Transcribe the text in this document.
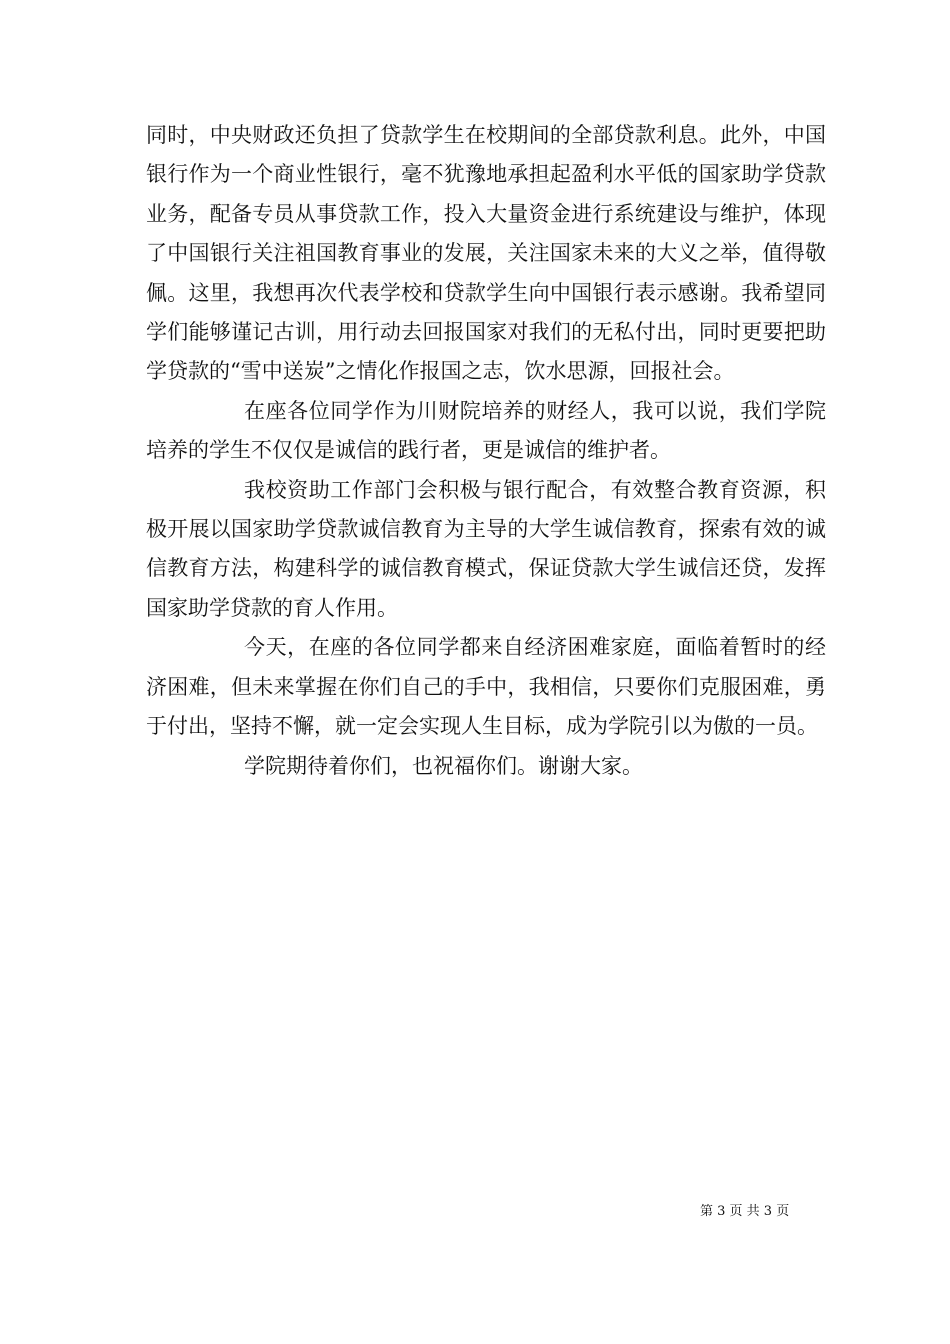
同时，中央财政还负担了贷款学生在校期间的全部贷款利息。此外，中国银行作为一个商业性银行，毫不犹豫地承担起盈利水平低的国家助学贷款业务，配备专员从事贷款工作，投入大量资金进行系统建设与维护，体现了中国银行关注祖国教育事业的发展，关注国家未来的大义之举，值得敬佩。这里，我想再次代表学校和贷款学生向中国银行表示感谢。我希望同学们能够谨记古训，用行动去回报国家对我们的无私付出，同时更要把助学贷款的“雪中送炭”之情化作报国之志，饮水思源，回报社会。

在座各位同学作为川财院培养的财经人，我可以说，我们学院培养的学生不仅仅是诚信的践行者，更是诚信的维护者。

我校资助工作部门会积极与银行配合，有效整合教育资源，积极开展以国家助学贷款诚信教育为主导的大学生诚信教育，探索有效的诚信教育方法，构建科学的诚信教育模式，保证贷款大学生诚信还贷，发挥国家助学贷款的育人作用。

今天，在座的各位同学都来自经济困难家庭，面临着暂时的经济困难，但未来掌握在你们自己的手中，我相信，只要你们克服困难，勇于付出，坚持不懈，就一定会实现人生目标，成为学院引以为傲的一员。

学院期待着你们，也祝福你们。谢谢大家。

第 3 页 共 3 页
